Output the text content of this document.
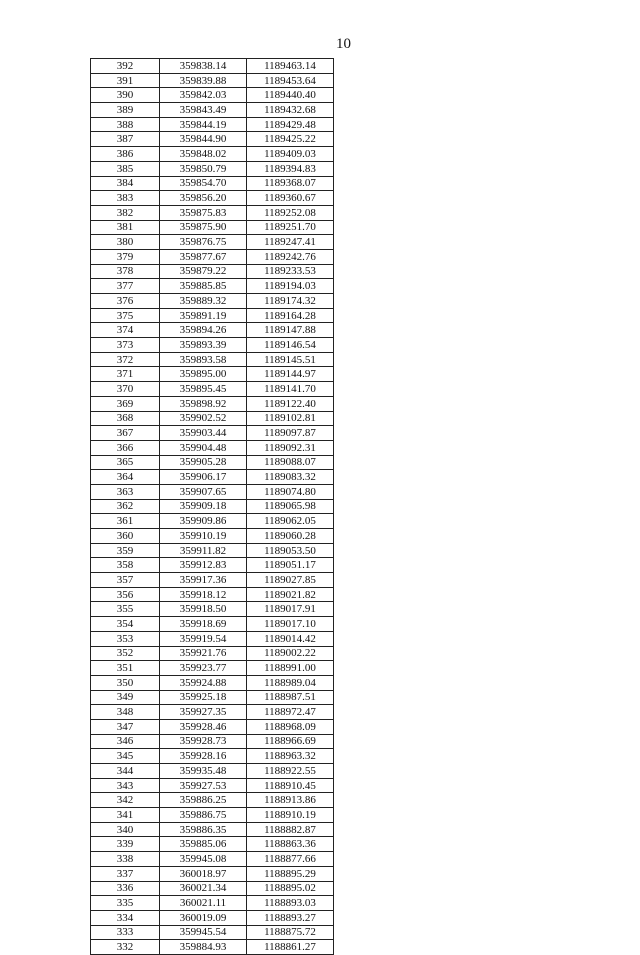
10
392	359838.14	1189463.14
391	359839.88	1189453.64
390	359842.03	1189440.40
389	359843.49	1189432.68
388	359844.19	1189429.48
387	359844.90	1189425.22
386	359848.02	1189409.03
385	359850.79	1189394.83
384	359854.70	1189368.07
383	359856.20	1189360.67
382	359875.83	1189252.08
381	359875.90	1189251.70
380	359876.75	1189247.41
379	359877.67	1189242.76
378	359879.22	1189233.53
377	359885.85	1189194.03
376	359889.32	1189174.32
375	359891.19	1189164.28
374	359894.26	1189147.88
373	359893.39	1189146.54
372	359893.58	1189145.51
371	359895.00	1189144.97
370	359895.45	1189141.70
369	359898.92	1189122.40
368	359902.52	1189102.81
367	359903.44	1189097.87
366	359904.48	1189092.31
365	359905.28	1189088.07
364	359906.17	1189083.32
363	359907.65	1189074.80
362	359909.18	1189065.98
361	359909.86	1189062.05
360	359910.19	1189060.28
359	359911.82	1189053.50
358	359912.83	1189051.17
357	359917.36	1189027.85
356	359918.12	1189021.82
355	359918.50	1189017.91
354	359918.69	1189017.10
353	359919.54	1189014.42
352	359921.76	1189002.22
351	359923.77	1188991.00
350	359924.88	1188989.04
349	359925.18	1188987.51
348	359927.35	1188972.47
347	359928.46	1188968.09
346	359928.73	1188966.69
345	359928.16	1188963.32
344	359935.48	1188922.55
343	359927.53	1188910.45
342	359886.25	1188913.86
341	359886.75	1188910.19
340	359886.35	1188882.87
339	359885.06	1188863.36
338	359945.08	1188877.66
337	360018.97	1188895.29
336	360021.34	1188895.02
335	360021.11	1188893.03
334	360019.09	1188893.27
333	359945.54	1188875.72
332	359884.93	1188861.27
